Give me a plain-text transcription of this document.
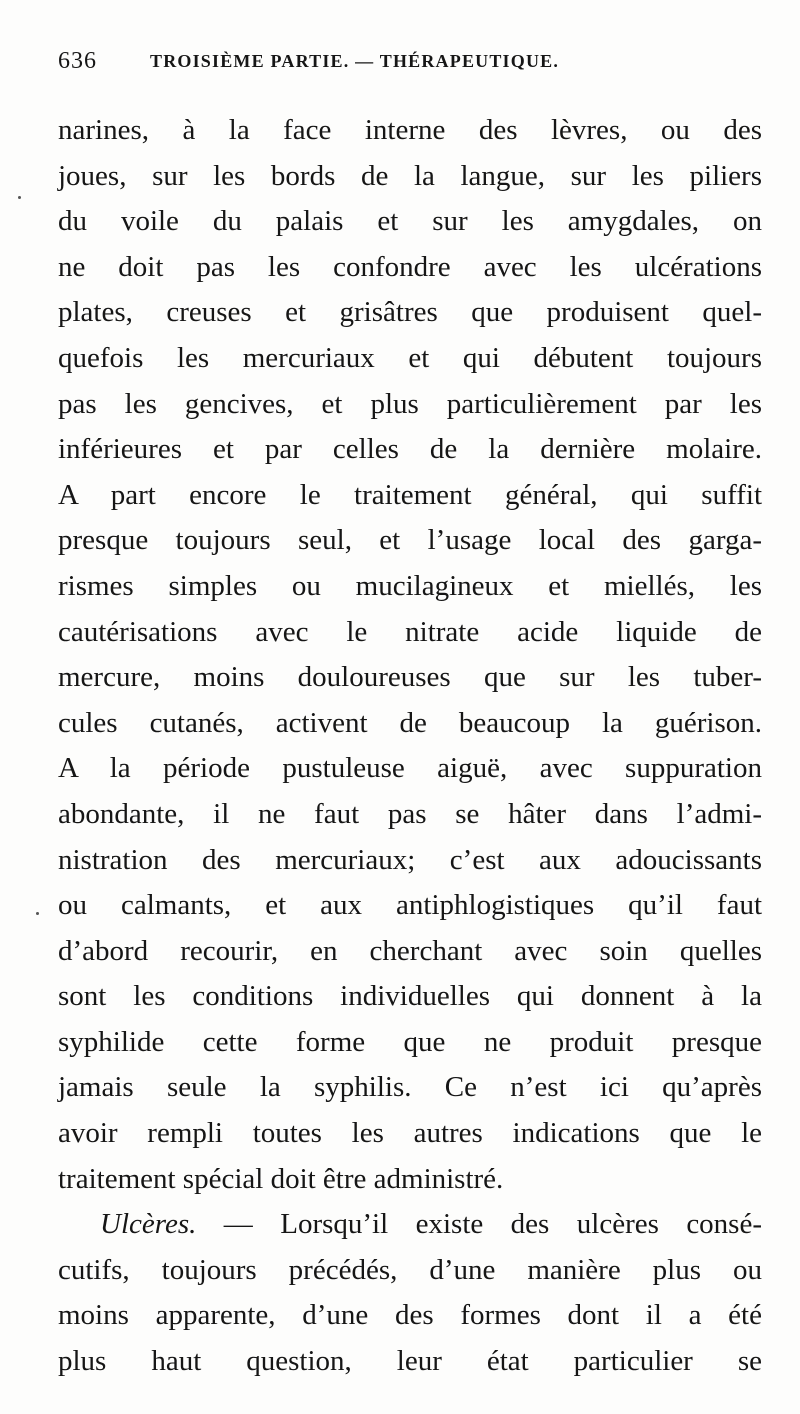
636	TROISIÈME PARTIE. — THÉRAPEUTIQUE.
narines, à la face interne des lèvres, ou des
joues, sur les bords de la langue, sur les piliers
du voile du palais et sur les amygdales, on
ne doit pas les confondre avec les ulcérations
plates, creuses et grisâtres que produisent quel-
quefois les mercuriaux et qui débutent toujours
pas les gencives, et plus particulièrement par les
inférieures et par celles de la dernière molaire.
A part encore le traitement général, qui suffit
presque toujours seul, et l’usage local des garga-
rismes simples ou mucilagineux et miellés, les
cautérisations avec le nitrate acide liquide de
mercure, moins douloureuses que sur les tuber-
cules cutanés, activent de beaucoup la guérison.
A la période pustuleuse aiguë, avec suppuration
abondante, il ne faut pas se hâter dans l’admi-
nistration des mercuriaux; c’est aux adoucissants
ou calmants, et aux antiphlogistiques qu’il faut
d’abord recourir, en cherchant avec soin quelles
sont les conditions individuelles qui donnent à la
syphilide cette forme que ne produit presque
jamais seule la syphilis. Ce n’est ici qu’après
avoir rempli toutes les autres indications que le
traitement spécial doit être administré.
Ulcères. — Lorsqu’il existe des ulcères consé-
cutifs, toujours précédés, d’une manière plus ou
moins apparente, d’une des formes dont il a été
plus haut question, leur état particulier se
